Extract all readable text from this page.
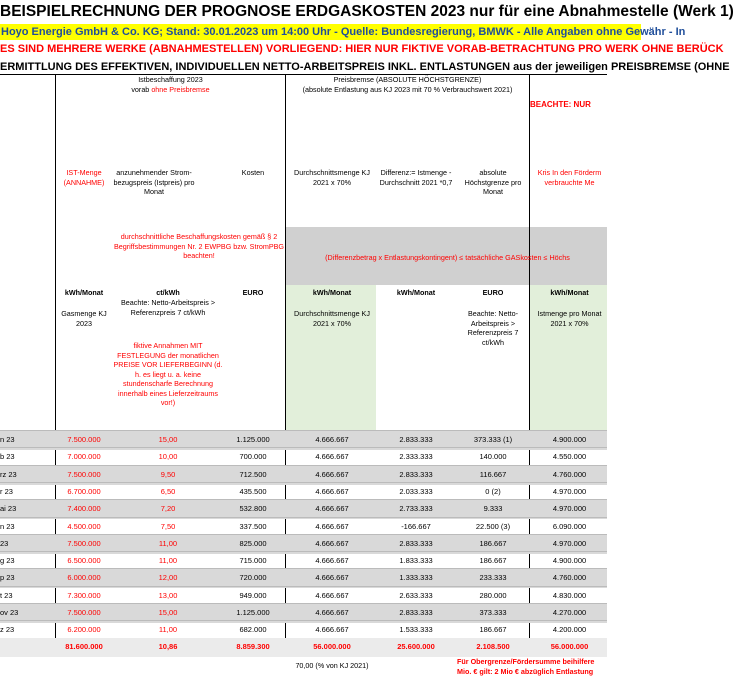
BEISPIELRECHNUNG DER PROGNOSE ERDGASKOSTEN 2023 nur für eine Abnahmestelle (Werk 1)
Hoyo Energie GmbH & Co. KG; Stand: 30.01.2023 um 14:00 Uhr - Quelle: Bundesregierung, BMWK - Alle Angaben ohne Gewähr - In
ES SIND MEHRERE WERKE (ABNAHMESTELLEN) VORLIEGEND: HIER NUR FIKTIVE VORAB-BETRACHTUNG PRO WERK OHNE BERÜCK
ERMITTLUNG DES EFFEKTIVEN, INDIVIDUELLEN NETTO-ARBEITSPREIS INKL. ENTLASTUNGEN aus der jeweiligen PREISBREMSE (OHNE
Istbeschaffung 2023
vorab ohne Preisbremse
Preisbremse (ABSOLUTE HÖCHSTGRENZE)
(absolute Entlastung aus KJ 2023 mit 70 % Verbrauchswert 2021)
BEACHTE: NUR
IST-Menge (ANNAHME)
anzunehmender Strom-bezugspreis (Istpreis) pro Monat
Kosten	Durchschnittsmenge KJ 2021 x 70%
Differenz:= Istmenge - Durchschnitt 2021 *0,7
absolute Höchstgrenze pro Monat
Kris In den Förderm verbrauchte Me
durchschnittliche Beschaffungskosten gemäß § 2 Begriffsbestimmungen Nr. 2 EWPBG bzw. StromPBG beachten!	(Differenzbetrag x Entlastungskontingent) ≤ tatsächliche GASkosten ≤ Höchs
kWh/Monat
Gasmenge KJ 2023
ct/kWh
Beachte: Netto-Arbeitspreis > Referenzpreis 7 ct/kWh
fiktive Annahmen MIT FESTLEGUNG der monatlichen PREISE VOR LIEFERBEGINN (d. h. es liegt u. a. keine stundenscharfe Berechnung innerhalb eines Lieferzeitraums vor!)
EURO	kWh/Monat
Durchschnittsmenge KJ 2021 x 70%
kWh/Monat	EURO
Beachte: Netto-Arbeitspreis > Referenzpreis 7 ct/kWh
kWh/Monat
Istmenge pro Monat 2021 x 70%
n 23	7.500.000	15,00	1.125.000	4.666.667	2.833.333	373.333 (1)	4.900.000
b 23	7.000.000	10,00	700.000	4.666.667	2.333.333	140.000	4.550.000
rz 23	7.500.000	9,50	712.500	4.666.667	2.833.333	116.667	4.760.000
r 23	6.700.000	6,50	435.500	4.666.667	2.033.333	0 (2)	4.970.000
ai 23	7.400.000	7,20	532.800	4.666.667	2.733.333	9.333	4.970.000
n 23	4.500.000	7,50	337.500	4.666.667	-166.667	22.500 (3)	6.090.000
23	7.500.000	11,00	825.000	4.666.667	2.833.333	186.667	4.970.000
g 23	6.500.000	11,00	715.000	4.666.667	1.833.333	186.667	4.900.000
p 23	6.000.000	12,00	720.000	4.666.667	1.333.333	233.333	4.760.000
t 23	7.300.000	13,00	949.000	4.666.667	2.633.333	280.000	4.830.000
ov 23	7.500.000	15,00	1.125.000	4.666.667	2.833.333	373.333	4.270.000
z 23	6.200.000	11,00	682.000	4.666.667	1.533.333	186.667	4.200.000
81.600.000	10,86	8.859.300	56.000.000	25.600.000	2.108.500	56.000.000
70,00 (% von KJ 2021)	Für Obergrenze/Fördersumme beihilfere
Mio. € gilt: 2 Mio € abzüglich Entlastung
